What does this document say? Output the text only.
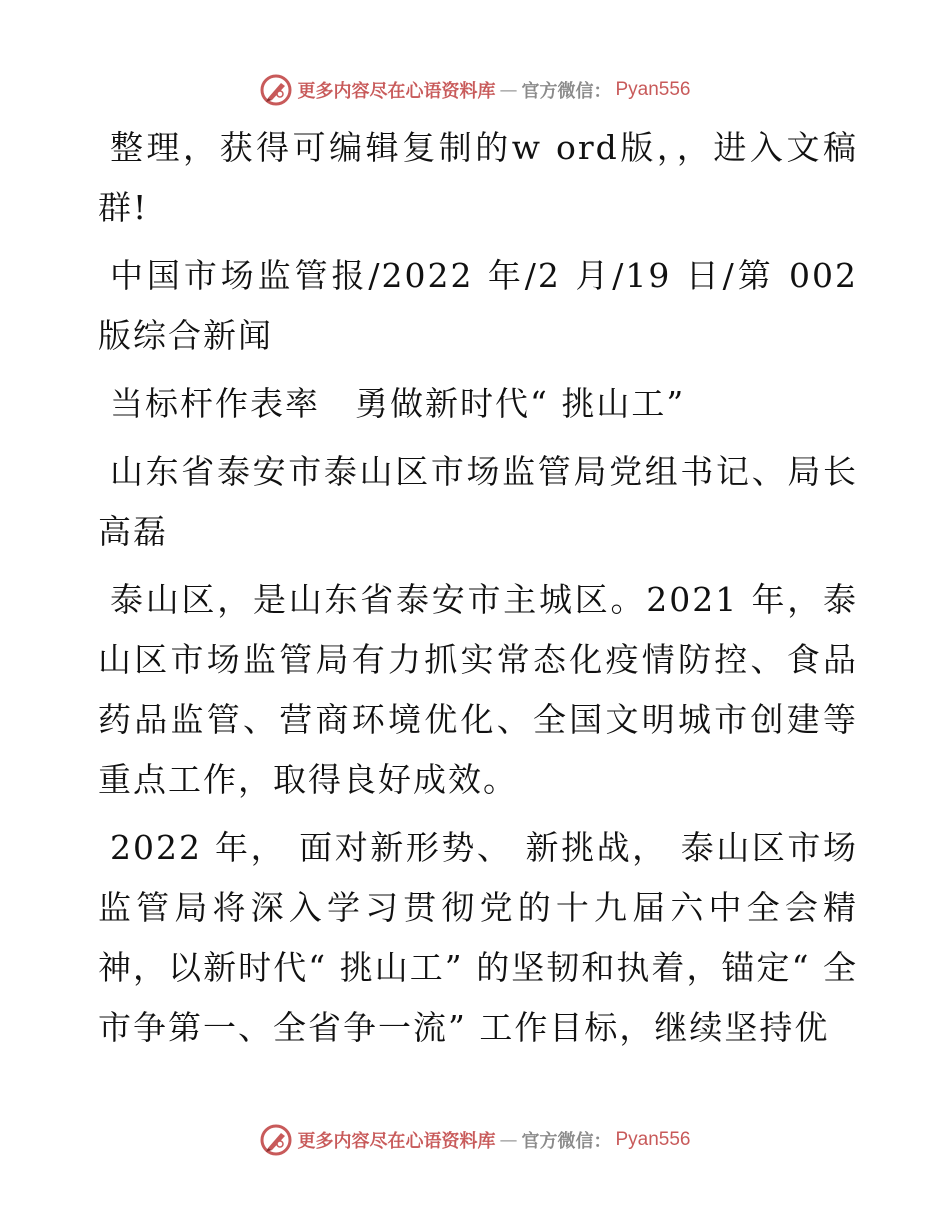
更多内容尽在心语资料库 — 官方微信： Pyan556

整理，获得可编辑复制的w ord版，，进入文稿群!

中国市场监管报/2022 年/2 月/19 日/第 002 版综合新闻

当标杆作表率　勇做新时代“ 挑山工”

山东省泰安市泰山区市场监管局党组书记、局长高磊

泰山区，是山东省泰安市主城区。2021 年，泰山区市场监管局有力抓实常态化疫情防控、食品药品监管、营商环境优化、全国文明城市创建等重点工作，取得良好成效。

2022 年， 面对新形势、 新挑战， 泰山区市场监管局将深入学习贯彻党的十九届六中全会精神，以新时代“ 挑山工” 的坚韧和执着，锚定“ 全市争第一、全省争一流” 工作目标，继续坚持优

更多内容尽在心语资料库 — 官方微信： Pyan556
